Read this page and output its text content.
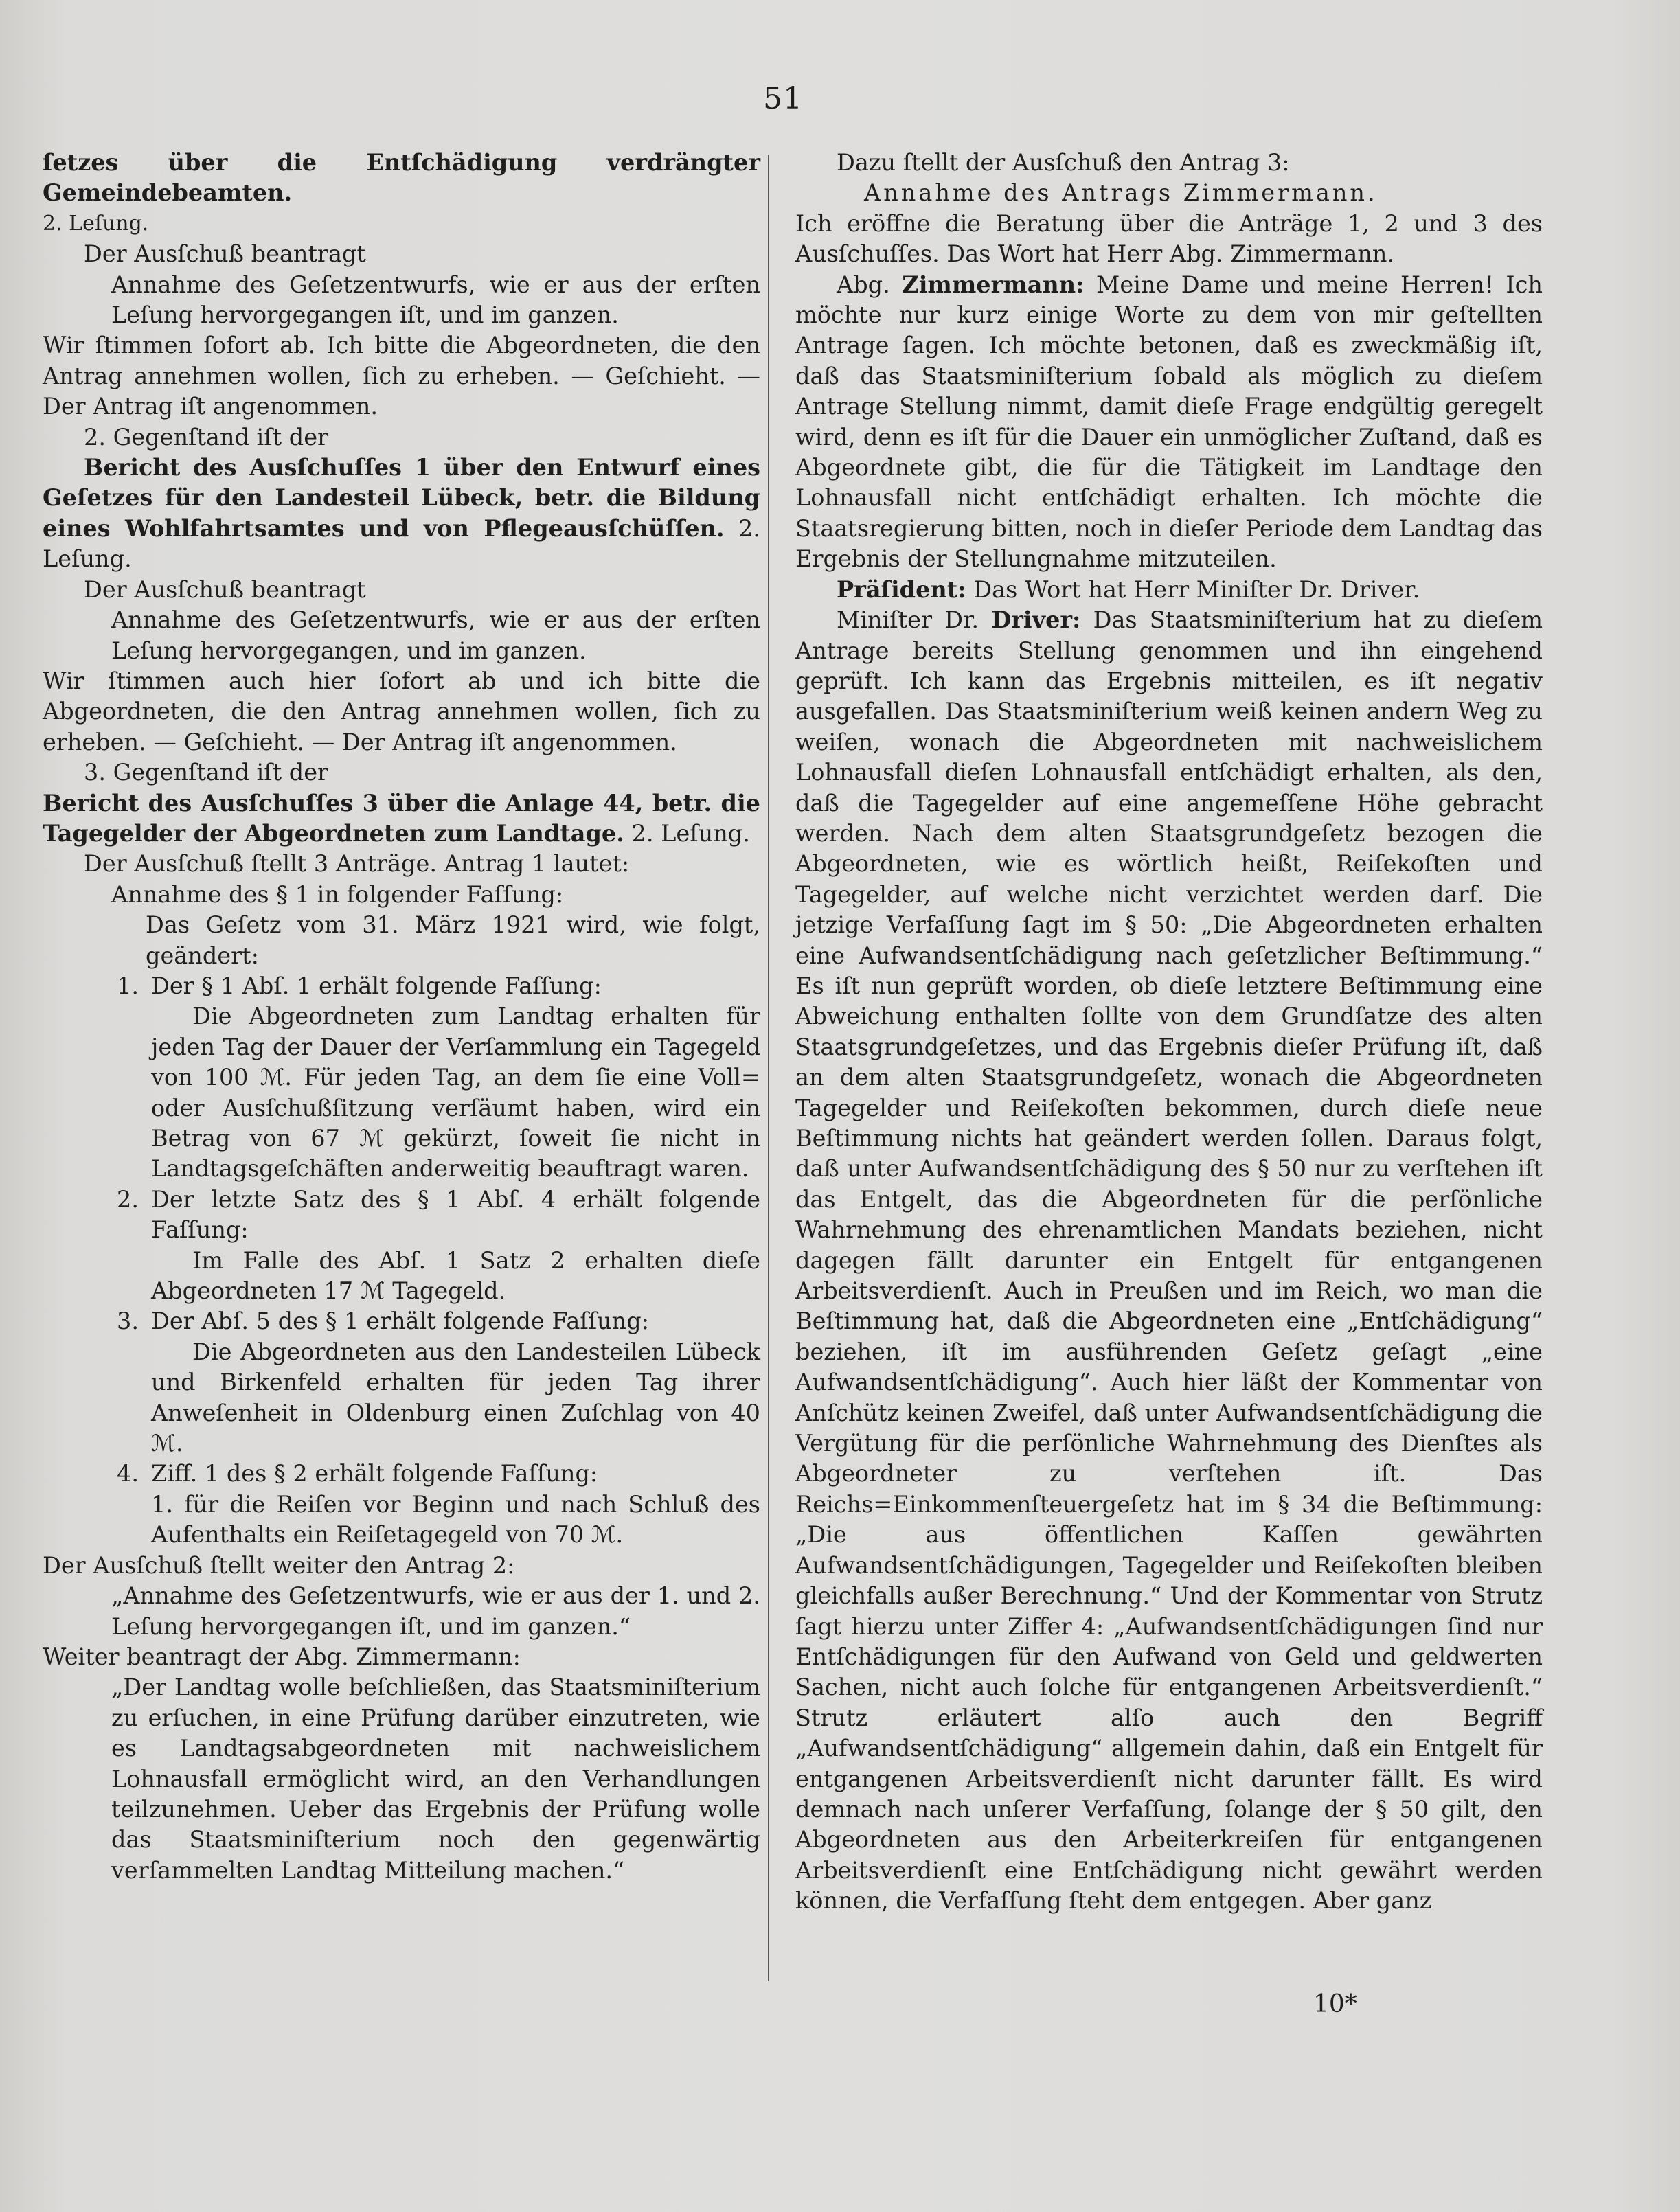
51

ſetzes über die Entſchädigung verdrängter Gemeindebeamten.

2. Leſung.

Der Ausſchuß beantragt

Annahme des Geſetzentwurfs, wie er aus der erſten Leſung hervorgegangen iſt, und im ganzen.

Wir ſtimmen ſofort ab. Ich bitte die Abgeordneten, die den Antrag annehmen wollen, ſich zu erheben. — Geſchieht. — Der Antrag iſt angenommen.

2. Gegenſtand iſt der

Bericht des Ausſchuſſes 1 über den Entwurf eines Geſetzes für den Landesteil Lübeck, betr. die Bildung eines Wohlfahrtsamtes und von Pflegeausſchüſſen. 2. Leſung.

Der Ausſchuß beantragt

Annahme des Geſetzentwurfs, wie er aus der erſten Leſung hervorgegangen, und im ganzen.

Wir ſtimmen auch hier ſofort ab und ich bitte die Abgeordneten, die den Antrag annehmen wollen, ſich zu erheben. — Geſchieht. — Der Antrag iſt angenommen.

3. Gegenſtand iſt der

Bericht des Ausſchuſſes 3 über die Anlage 44, betr. die Tagegelder der Abgeordneten zum Landtage. 2. Leſung.

Der Ausſchuß ſtellt 3 Anträge. Antrag 1 lautet:

Annahme des § 1 in folgender Faſſung:

Das Geſetz vom 31. März 1921 wird, wie folgt, geändert:

1. Der § 1 Abſ. 1 erhält folgende Faſſung:

Die Abgeordneten zum Landtag erhalten für jeden Tag der Dauer der Verſammlung ein Tagegeld von 100 ℳ. Für jeden Tag, an dem ſie eine Voll= oder Ausſchußſitzung verſäumt haben, wird ein Betrag von 67 ℳ gekürzt, ſoweit ſie nicht in Landtagsgeſchäften anderweitig beauftragt waren.

2. Der letzte Satz des § 1 Abſ. 4 erhält folgende Faſſung:

Im Falle des Abſ. 1 Satz 2 erhalten dieſe Abgeordneten 17 ℳ Tagegeld.

3. Der Abſ. 5 des § 1 erhält folgende Faſſung:

Die Abgeordneten aus den Landesteilen Lübeck und Birkenfeld erhalten für jeden Tag ihrer Anweſenheit in Oldenburg einen Zuſchlag von 40 ℳ.

4. Ziff. 1 des § 2 erhält folgende Faſſung:

1. für die Reiſen vor Beginn und nach Schluß des Aufenthalts ein Reiſetagegeld von 70 ℳ.

Der Ausſchuß ſtellt weiter den Antrag 2:

„Annahme des Geſetzentwurfs, wie er aus der 1. und 2. Leſung hervorgegangen iſt, und im ganzen.“

Weiter beantragt der Abg. Zimmermann:

„Der Landtag wolle beſchließen, das Staatsminiſterium zu erſuchen, in eine Prüfung darüber einzutreten, wie es Landtagsabgeordneten mit nachweislichem Lohnausfall ermöglicht wird, an den Verhandlungen teilzunehmen. Ueber das Ergebnis der Prüfung wolle das Staatsminiſterium noch den gegenwärtig verſammelten Landtag Mitteilung machen.“

Dazu ſtellt der Ausſchuß den Antrag 3:

Annahme des Antrags Zimmermann.

Ich eröffne die Beratung über die Anträge 1, 2 und 3 des Ausſchuſſes. Das Wort hat Herr Abg. Zimmermann.

Abg. Zimmermann: Meine Dame und meine Herren! Ich möchte nur kurz einige Worte zu dem von mir geſtellten Antrage ſagen. Ich möchte betonen, daß es zweckmäßig iſt, daß das Staatsminiſterium ſobald als möglich zu dieſem Antrage Stellung nimmt, damit dieſe Frage endgültig geregelt wird, denn es iſt für die Dauer ein unmöglicher Zuſtand, daß es Abgeordnete gibt, die für die Tätigkeit im Landtage den Lohnausfall nicht entſchädigt erhalten. Ich möchte die Staatsregierung bitten, noch in dieſer Periode dem Landtag das Ergebnis der Stellungnahme mitzuteilen.

Präſident: Das Wort hat Herr Miniſter Dr. Driver.

Miniſter Dr. Driver: Das Staatsminiſterium hat zu dieſem Antrage bereits Stellung genommen und ihn eingehend geprüft. Ich kann das Ergebnis mitteilen, es iſt negativ ausgefallen. Das Staatsminiſterium weiß keinen andern Weg zu weiſen, wonach die Abgeordneten mit nachweislichem Lohnausfall dieſen Lohnausfall entſchädigt erhalten, als den, daß die Tagegelder auf eine angemeſſene Höhe gebracht werden. Nach dem alten Staatsgrundgeſetz bezogen die Abgeordneten, wie es wörtlich heißt, Reiſekoſten und Tagegelder, auf welche nicht verzichtet werden darf. Die jetzige Verfaſſung ſagt im § 50: „Die Abgeordneten erhalten eine Aufwandsentſchädigung nach geſetzlicher Beſtimmung.“ Es iſt nun geprüft worden, ob dieſe letztere Beſtimmung eine Abweichung enthalten ſollte von dem Grundſatze des alten Staatsgrundgeſetzes, und das Ergebnis dieſer Prüfung iſt, daß an dem alten Staatsgrundgeſetz, wonach die Abgeordneten Tagegelder und Reiſekoſten bekommen, durch dieſe neue Beſtimmung nichts hat geändert werden ſollen. Daraus folgt, daß unter Aufwandsentſchädigung des § 50 nur zu verſtehen iſt das Entgelt, das die Abgeordneten für die perſönliche Wahrnehmung des ehrenamtlichen Mandats beziehen, nicht dagegen fällt darunter ein Entgelt für entgangenen Arbeitsverdienſt. Auch in Preußen und im Reich, wo man die Beſtimmung hat, daß die Abgeordneten eine „Entſchädigung“ beziehen, iſt im ausführenden Geſetz geſagt „eine Aufwandsentſchädigung“. Auch hier läßt der Kommentar von Anſchütz keinen Zweifel, daß unter Aufwandsentſchädigung die Vergütung für die perſönliche Wahrnehmung des Dienſtes als Abgeordneter zu verſtehen iſt. Das Reichs=Einkommenſteuergeſetz hat im § 34 die Beſtimmung: „Die aus öffentlichen Kaſſen gewährten Aufwandsentſchädigungen, Tagegelder und Reiſekoſten bleiben gleichfalls außer Berechnung.“ Und der Kommentar von Strutz ſagt hierzu unter Ziffer 4: „Aufwandsentſchädigungen ſind nur Entſchädigungen für den Aufwand von Geld und geldwerten Sachen, nicht auch ſolche für entgangenen Arbeitsverdienſt.“ Strutz erläutert alſo auch den Begriff „Aufwandsentſchädigung“ allgemein dahin, daß ein Entgelt für entgangenen Arbeitsverdienſt nicht darunter fällt. Es wird demnach nach unſerer Verfaſſung, ſolange der § 50 gilt, den Abgeordneten aus den Arbeiterkreiſen für entgangenen Arbeitsverdienſt eine Entſchädigung nicht gewährt werden können, die Verfaſſung ſteht dem entgegen. Aber ganz

10*
